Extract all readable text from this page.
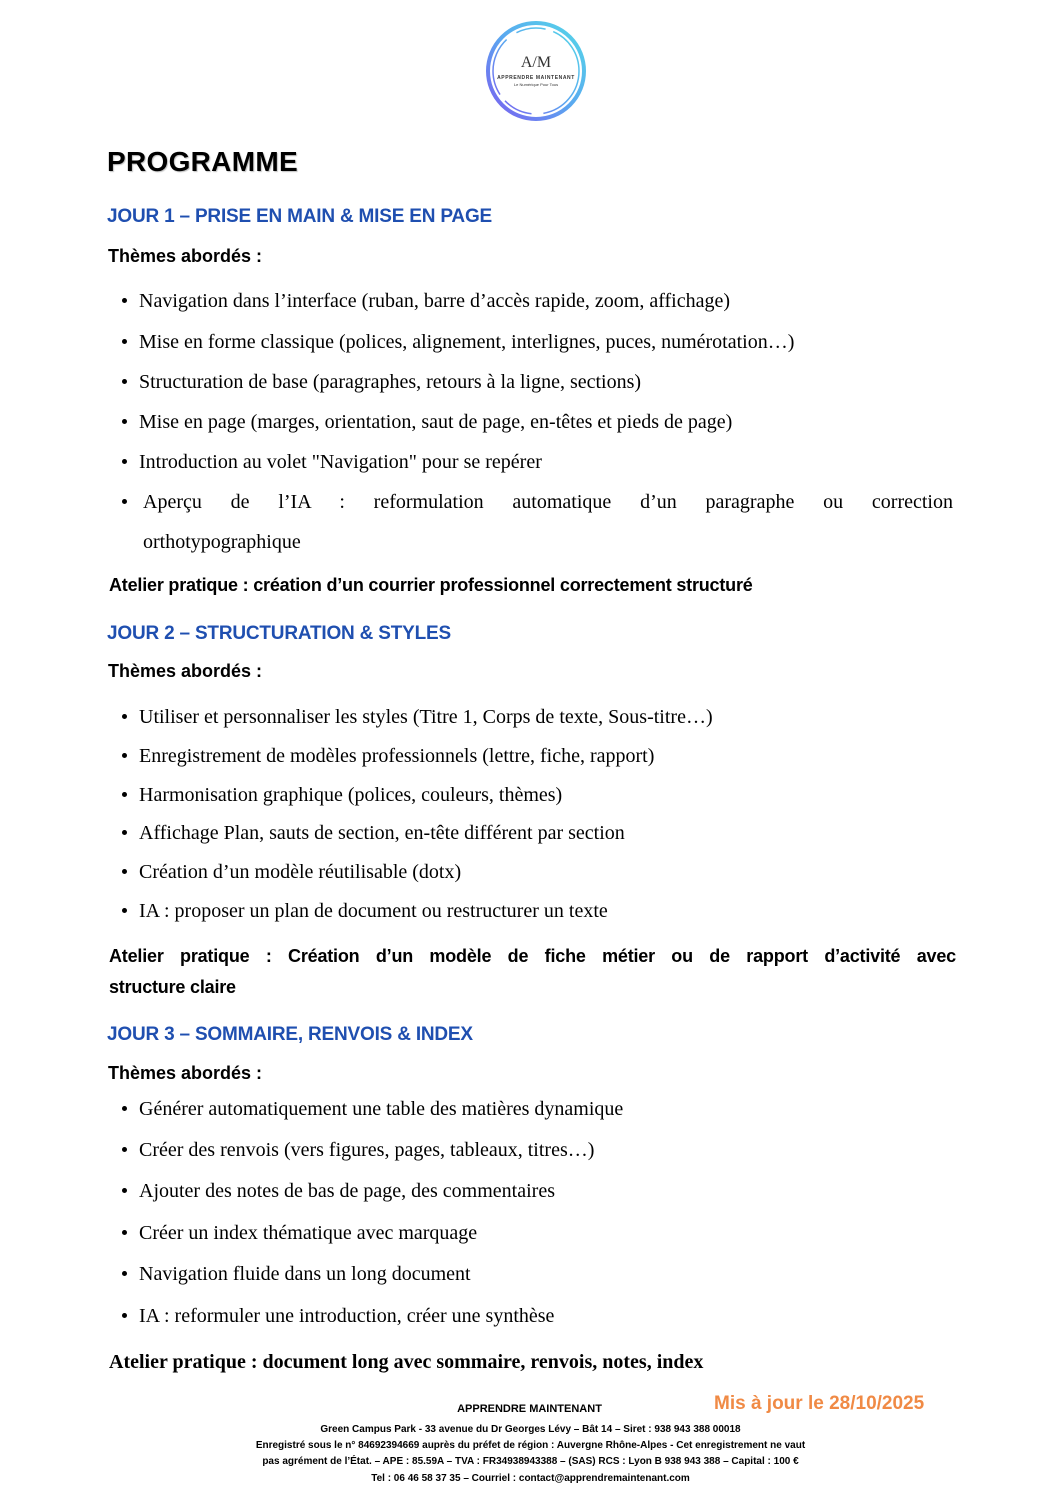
A/M
APPRENDRE MAINTENANT
Le Numérique Pour Tous
PROGRAMME
JOUR 1 – PRISE EN MAIN & MISE EN PAGE
Thèmes abordés :
Navigation dans l’interface (ruban, barre d’accès rapide, zoom, affichage)
Mise en forme classique (polices, alignement, interlignes, puces, numérotation…)
Structuration de base (paragraphes, retours à la ligne, sections)
Mise en page (marges, orientation, saut de page, en-têtes et pieds de page)
Introduction au volet "Navigation" pour se repérer
Aperçu de l’IA : reformulation automatique d’un paragraphe ou correction
orthotypographique
Atelier pratique : création d’un courrier professionnel correctement structuré
JOUR 2 – STRUCTURATION & STYLES
Thèmes abordés :
Utiliser et personnaliser les styles (Titre 1, Corps de texte, Sous-titre…)
Enregistrement de modèles professionnels (lettre, fiche, rapport)
Harmonisation graphique (polices, couleurs, thèmes)
Affichage Plan, sauts de section, en-tête différent par section
Création d’un modèle réutilisable (dotx)
IA : proposer un plan de document ou restructurer un texte
Atelier pratique : Création d’un modèle de fiche métier ou de rapport d’activité avec
structure claire
JOUR 3 – SOMMAIRE, RENVOIS & INDEX
Thèmes abordés :
Générer automatiquement une table des matières dynamique
Créer des renvois (vers figures, pages, tableaux, titres…)
Ajouter des notes de bas de page, des commentaires
Créer un index thématique avec marquage
Navigation fluide dans un long document
IA : reformuler une introduction, créer une synthèse
Atelier pratique : document long avec sommaire, renvois, notes, index
APPRENDRE MAINTENANT	Mis à jour le 28/10/2025
Green Campus Park - 33 avenue du Dr Georges Lévy – Bât 14 – Siret : 938 943 388 00018
Enregistré sous le n° 84692394669 auprès du préfet de région : Auvergne Rhône-Alpes - Cet enregistrement ne vaut
pas agrément de l’État. – APE : 85.59A – TVA : FR34938943388 – (SAS) RCS : Lyon B 938 943 388 – Capital : 100 €
Tel : 06 46 58 37 35 – Courriel : contact@apprendremaintenant.com
